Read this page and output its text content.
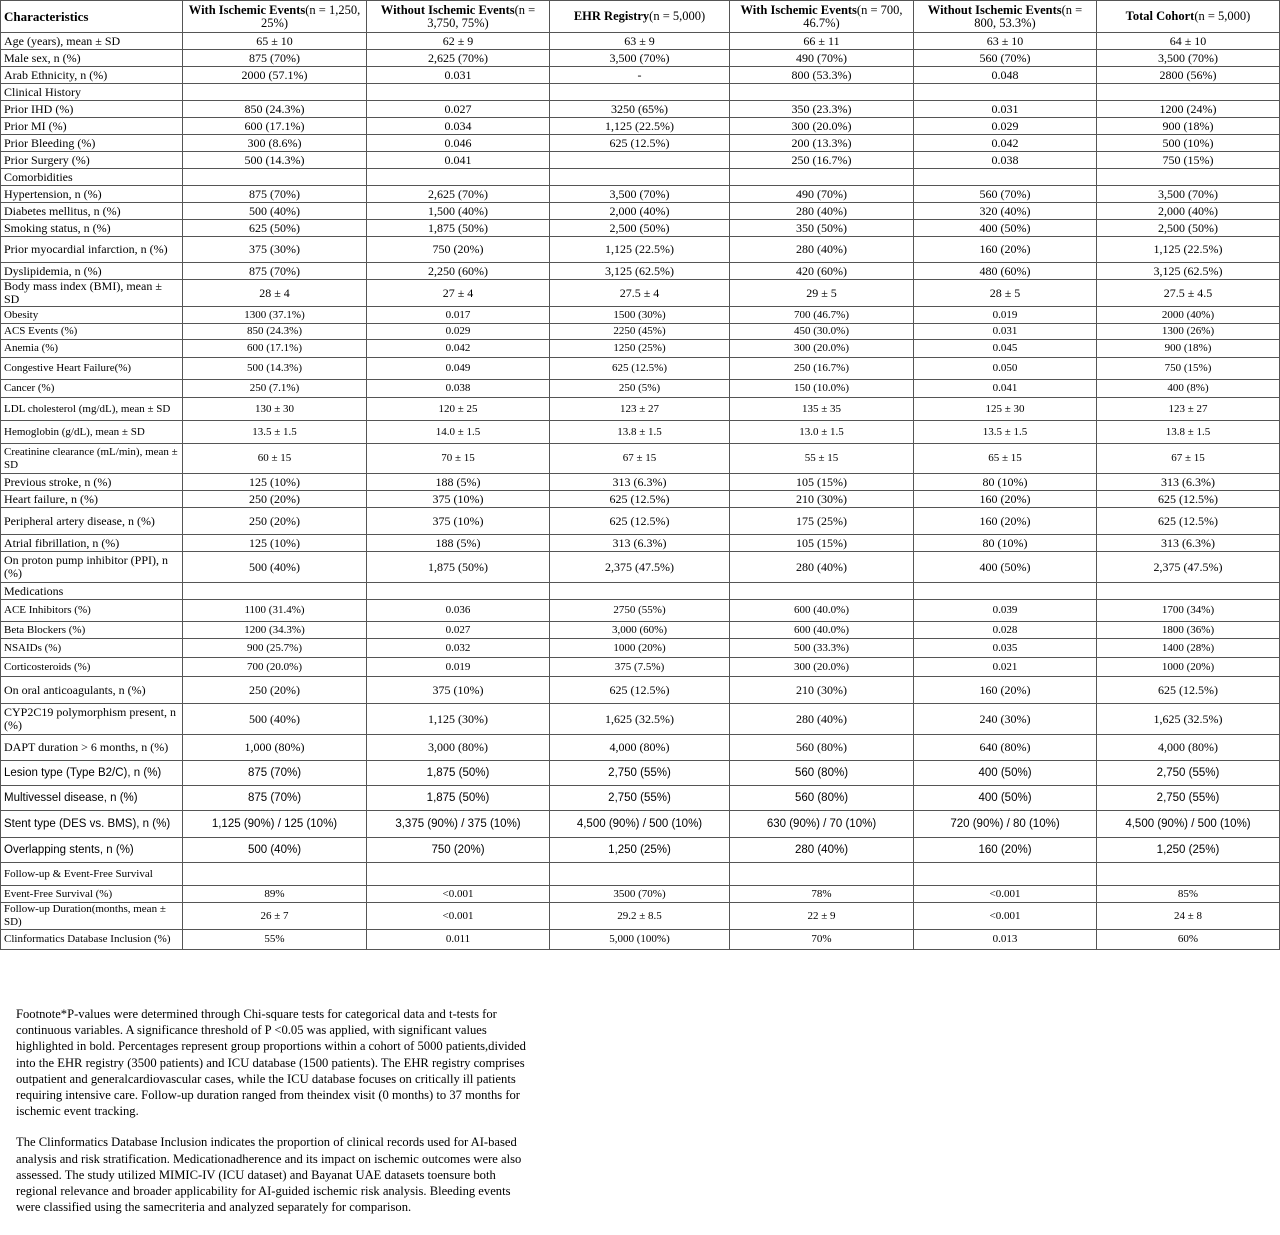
Characteristics	With Ischemic Events(n = 1,250, 25%)	Without Ischemic Events(n = 3,750, 75%)	EHR Registry(n = 5,000)	With Ischemic Events(n = 700, 46.7%)	Without Ischemic Events(n = 800, 53.3%)	Total Cohort(n = 5,000)
Age (years), mean ± SD	65 ± 10	62 ± 9	63 ± 9	66 ± 11	63 ± 10	64 ± 10
Male sex, n (%)	875 (70%)	2,625 (70%)	3,500 (70%)	490 (70%)	560 (70%)	3,500 (70%)
Arab Ethnicity, n (%)	2000 (57.1%)	0.031	-	800 (53.3%)	0.048	2800 (56%)
Clinical History						
Prior IHD (%)	850 (24.3%)	0.027	3250 (65%)	350 (23.3%)	0.031	1200 (24%)
Prior MI (%)	600 (17.1%)	0.034	1,125 (22.5%)	300 (20.0%)	0.029	900 (18%)
Prior Bleeding (%)	300 (8.6%)	0.046	625 (12.5%)	200 (13.3%)	0.042	500 (10%)
Prior Surgery (%)	500 (14.3%)	0.041		250 (16.7%)	0.038	750 (15%)
Comorbidities						
Hypertension, n (%)	875 (70%)	2,625 (70%)	3,500 (70%)	490 (70%)	560 (70%)	3,500 (70%)
Diabetes mellitus, n (%)	500 (40%)	1,500 (40%)	2,000 (40%)	280 (40%)	320 (40%)	2,000 (40%)
Smoking status, n (%)	625 (50%)	1,875 (50%)	2,500 (50%)	350 (50%)	400 (50%)	2,500 (50%)
Prior myocardial infarction, n (%)	375 (30%)	750 (20%)	1,125 (22.5%)	280 (40%)	160 (20%)	1,125 (22.5%)
Dyslipidemia, n (%)	875 (70%)	2,250 (60%)	3,125 (62.5%)	420 (60%)	480 (60%)	3,125 (62.5%)
Body mass index (BMI), mean ± SD	28 ± 4	27 ± 4	27.5 ± 4	29 ± 5	28 ± 5	27.5 ± 4.5
Obesity	1300 (37.1%)	0.017	1500 (30%)	700 (46.7%)	0.019	2000 (40%)
ACS Events (%)	850 (24.3%)	0.029	2250 (45%)	450 (30.0%)	0.031	1300 (26%)
Anemia (%)	600 (17.1%)	0.042	1250 (25%)	300 (20.0%)	0.045	900 (18%)
Congestive Heart Failure(%)	500 (14.3%)	0.049	625 (12.5%)	250 (16.7%)	0.050	750 (15%)
Cancer (%)	250 (7.1%)	0.038	250 (5%)	150 (10.0%)	0.041	400 (8%)
LDL cholesterol (mg/dL), mean ± SD	130 ± 30	120 ± 25	123 ± 27	135 ± 35	125 ± 30	123 ± 27
Hemoglobin (g/dL), mean ± SD	13.5 ± 1.5	14.0 ± 1.5	13.8 ± 1.5	13.0 ± 1.5	13.5 ± 1.5	13.8 ± 1.5
Creatinine clearance (mL/min), mean ± SD	60 ± 15	70 ± 15	67 ± 15	55 ± 15	65 ± 15	67 ± 15
Previous stroke, n (%)	125 (10%)	188 (5%)	313 (6.3%)	105 (15%)	80 (10%)	313 (6.3%)
Heart failure, n (%)	250 (20%)	375 (10%)	625 (12.5%)	210 (30%)	160 (20%)	625 (12.5%)
Peripheral artery disease, n (%)	250 (20%)	375 (10%)	625 (12.5%)	175 (25%)	160 (20%)	625 (12.5%)
Atrial fibrillation, n (%)	125 (10%)	188 (5%)	313 (6.3%)	105 (15%)	80 (10%)	313 (6.3%)
On proton pump inhibitor (PPI), n (%)	500 (40%)	1,875 (50%)	2,375 (47.5%)	280 (40%)	400 (50%)	2,375 (47.5%)
Medications						
ACE Inhibitors (%)	1100 (31.4%)	0.036	2750 (55%)	600 (40.0%)	0.039	1700 (34%)
Beta Blockers (%)	1200 (34.3%)	0.027	3,000 (60%)	600 (40.0%)	0.028	1800 (36%)
NSAIDs (%)	900 (25.7%)	0.032	1000 (20%)	500 (33.3%)	0.035	1400 (28%)
Corticosteroids (%)	700 (20.0%)	0.019	375 (7.5%)	300 (20.0%)	0.021	1000 (20%)
On oral anticoagulants, n (%)	250 (20%)	375 (10%)	625 (12.5%)	210 (30%)	160 (20%)	625 (12.5%)
CYP2C19 polymorphism present, n (%)	500 (40%)	1,125 (30%)	1,625 (32.5%)	280 (40%)	240 (30%)	1,625 (32.5%)
DAPT duration > 6 months, n (%)	1,000 (80%)	3,000 (80%)	4,000 (80%)	560 (80%)	640 (80%)	4,000 (80%)
Lesion type (Type B2/C), n (%)	875 (70%)	1,875 (50%)	2,750 (55%)	560 (80%)	400 (50%)	2,750 (55%)
Multivessel disease, n (%)	875 (70%)	1,875 (50%)	2,750 (55%)	560 (80%)	400 (50%)	2,750 (55%)
Stent type (DES vs. BMS), n (%)	1,125 (90%) / 125 (10%)	3,375 (90%) / 375 (10%)	4,500 (90%) / 500 (10%)	630 (90%) / 70 (10%)	720 (90%) / 80 (10%)	4,500 (90%) / 500 (10%)
Overlapping stents, n (%)	500 (40%)	750 (20%)	1,250 (25%)	280 (40%)	160 (20%)	1,250 (25%)
Follow-up & Event-Free Survival						
Event-Free Survival (%)	89%	<0.001	3500 (70%)	78%	<0.001	85%
Follow-up Duration(months, mean ± SD)	26 ± 7	<0.001	29.2 ± 8.5	22 ± 9	<0.001	24 ± 8
Clinformatics Database Inclusion (%)	55%	0.011	5,000 (100%)	70%	0.013	60%

Footnote*P-values were determined through Chi-square tests for categorical data and t-tests for continuous variables. A significance threshold of P <0.05 was applied, with significant values highlighted in bold. Percentages represent group proportions within a cohort of 5000 patients,divided into the EHR registry (3500 patients) and ICU database (1500 patients). The EHR registry comprises outpatient and generalcardiovascular cases, while the ICU database focuses on critically ill patients requiring intensive care. Follow-up duration ranged from theindex visit (0 months) to 37 months for ischemic event tracking.

The Clinformatics Database Inclusion indicates the proportion of clinical records used for AI-based analysis and risk stratification. Medicationadherence and its impact on ischemic outcomes were also assessed. The study utilized MIMIC-IV (ICU dataset) and Bayanat UAE datasets toensure both regional relevance and broader applicability for AI-guided ischemic risk analysis. Bleeding events were classified using the samecriteria and analyzed separately for comparison.
